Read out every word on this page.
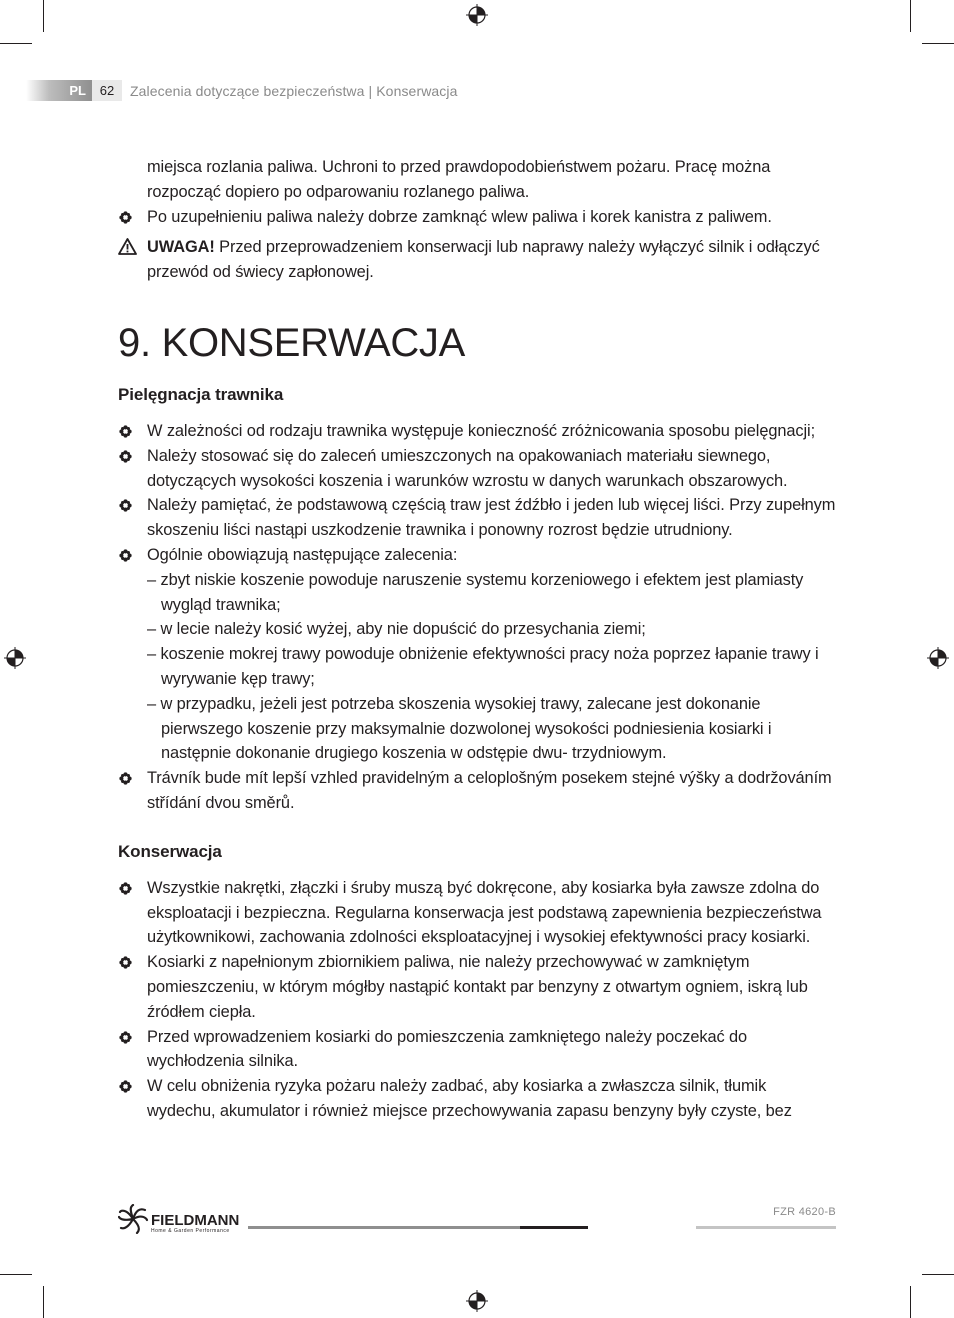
PL	62	Zalecenia dotyczące bezpieczeństwa | Konserwacja

miejsca rozlania paliwa. Uchroni to przed prawdopodobieństwem pożaru. Pracę można rozpocząć dopiero po odparowaniu rozlanego paliwa.

Po uzupełnieniu paliwa należy dobrze zamknąć wlew paliwa i korek kanistra z paliwem.

UWAGA! Przed przeprowadzeniem konserwacji lub naprawy należy wyłączyć silnik i odłączyć przewód od świecy zapłonowej.

9. KONSERWACJA
Pielęgnacja trawnika

W zależności od rodzaju trawnika występuje konieczność zróżnicowania sposobu pielęgnacji;

Należy stosować się do zaleceń umieszczonych na opakowaniach materiału siewnego, dotyczących wysokości koszenia i warunków wzrostu w danych warunkach obszarowych.

Należy pamiętać, że podstawową częścią traw jest źdźbło i jeden lub więcej liści. Przy zupełnym skoszeniu liści nastąpi uszkodzenie trawnika i ponowny rozrost będzie utrudniony.

Ogólnie obowiązują następujące zalecenia:

– zbyt niskie koszenie powoduje naruszenie systemu korzeniowego i efektem jest plamiasty wygląd trawnika;

– w lecie należy kosić wyżej, aby nie dopuścić do przesychania ziemi;

– koszenie mokrej trawy powoduje obniżenie efektywności pracy noża poprzez łapanie trawy i wyrywanie kęp trawy;

– w przypadku, jeżeli jest potrzeba skoszenia wysokiej trawy, zalecane jest dokonanie pierwszego koszenie przy maksymalnie dozwolonej wysokości podniesienia kosiarki i następnie dokonanie drugiego koszenia w odstępie dwu- trzydniowym.

Trávník bude mít lepší vzhled pravidelným a celoplošným posekem stejné výšky a dodržováním střídání dvou směrů.

Konserwacja

Wszystkie nakrętki, złączki i śruby muszą być dokręcone, aby kosiarka była zawsze zdolna do eksploatacji i bezpieczna. Regularna konserwacja jest podstawą zapewnienia bezpieczeństwa użytkownikowi, zachowania zdolności eksploatacyjnej i wysokiej efektywności pracy kosiarki.

Kosiarki z napełnionym zbiornikiem paliwa, nie należy przechowywać w zamkniętym pomieszczeniu, w którym mógłby nastąpić kontakt par benzyny z otwartym ogniem, iskrą lub źródłem ciepła.

Przed wprowadzeniem kosiarki do pomieszczenia zamkniętego należy poczekać do wychłodzenia silnika.

W celu obniżenia ryzyka pożaru należy zadbać, aby kosiarka a zwłaszcza silnik, tłumik wydechu, akumulator i również miejsce przechowywania zapasu benzyny były czyste, bez

FIELDMANN
Home & Garden Performance
FZR 4620-B
